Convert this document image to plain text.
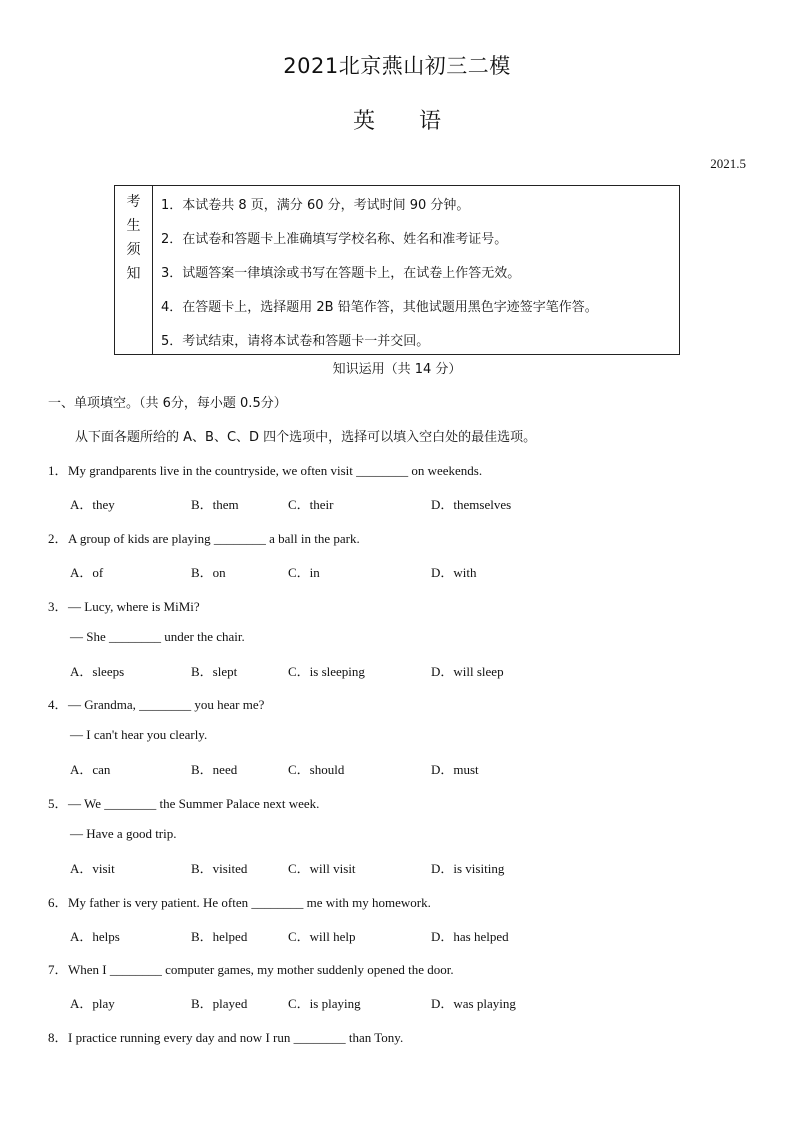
2021北京燕山初三二模
英语
2021.5
考
生
须
知
1．本试卷共 8 页，满分 60 分，考试时间 90 分钟。
2．在试卷和答题卡上准确填写学校名称、姓名和准考证号。
3．试题答案一律填涂或书写在答题卡上，在试卷上作答无效。
4．在答题卡上，选择题用 2B 铅笔作答，其他试题用黑色字迹签字笔作答。
5．考试结束，请将本试卷和答题卡一并交回。
知识运用（共 14 分）
一、单项填空。（共 6分，每小题 0.5分）
从下面各题所给的 A、B、C、D 四个选项中，选择可以填入空白处的最佳选项。
1．My grandparents live in the countryside, we often visit ________ on weekends.
A．they	B．them	C．their	D．themselves
2．A group of kids are playing ________ a ball in the park.
A．of	B．on	C．in	D．with
3．— Lucy, where is MiMi?
— She ________ under the chair.
A．sleeps	B．slept	C．is sleeping	D．will sleep
4．— Grandma, ________ you hear me?
— I can't hear you clearly.
A．can	B．need	C．should	D．must
5．— We ________ the Summer Palace next week.
— Have a good trip.
A．visit	B．visited	C．will visit	D．is visiting
6．My father is very patient. He often ________ me with my homework.
A．helps	B．helped	C．will help	D．has helped
7．When I ________ computer games, my mother suddenly opened the door.
A．play	B．played	C．is playing	D．was playing
8．I practice running every day and now I run ________ than Tony.
